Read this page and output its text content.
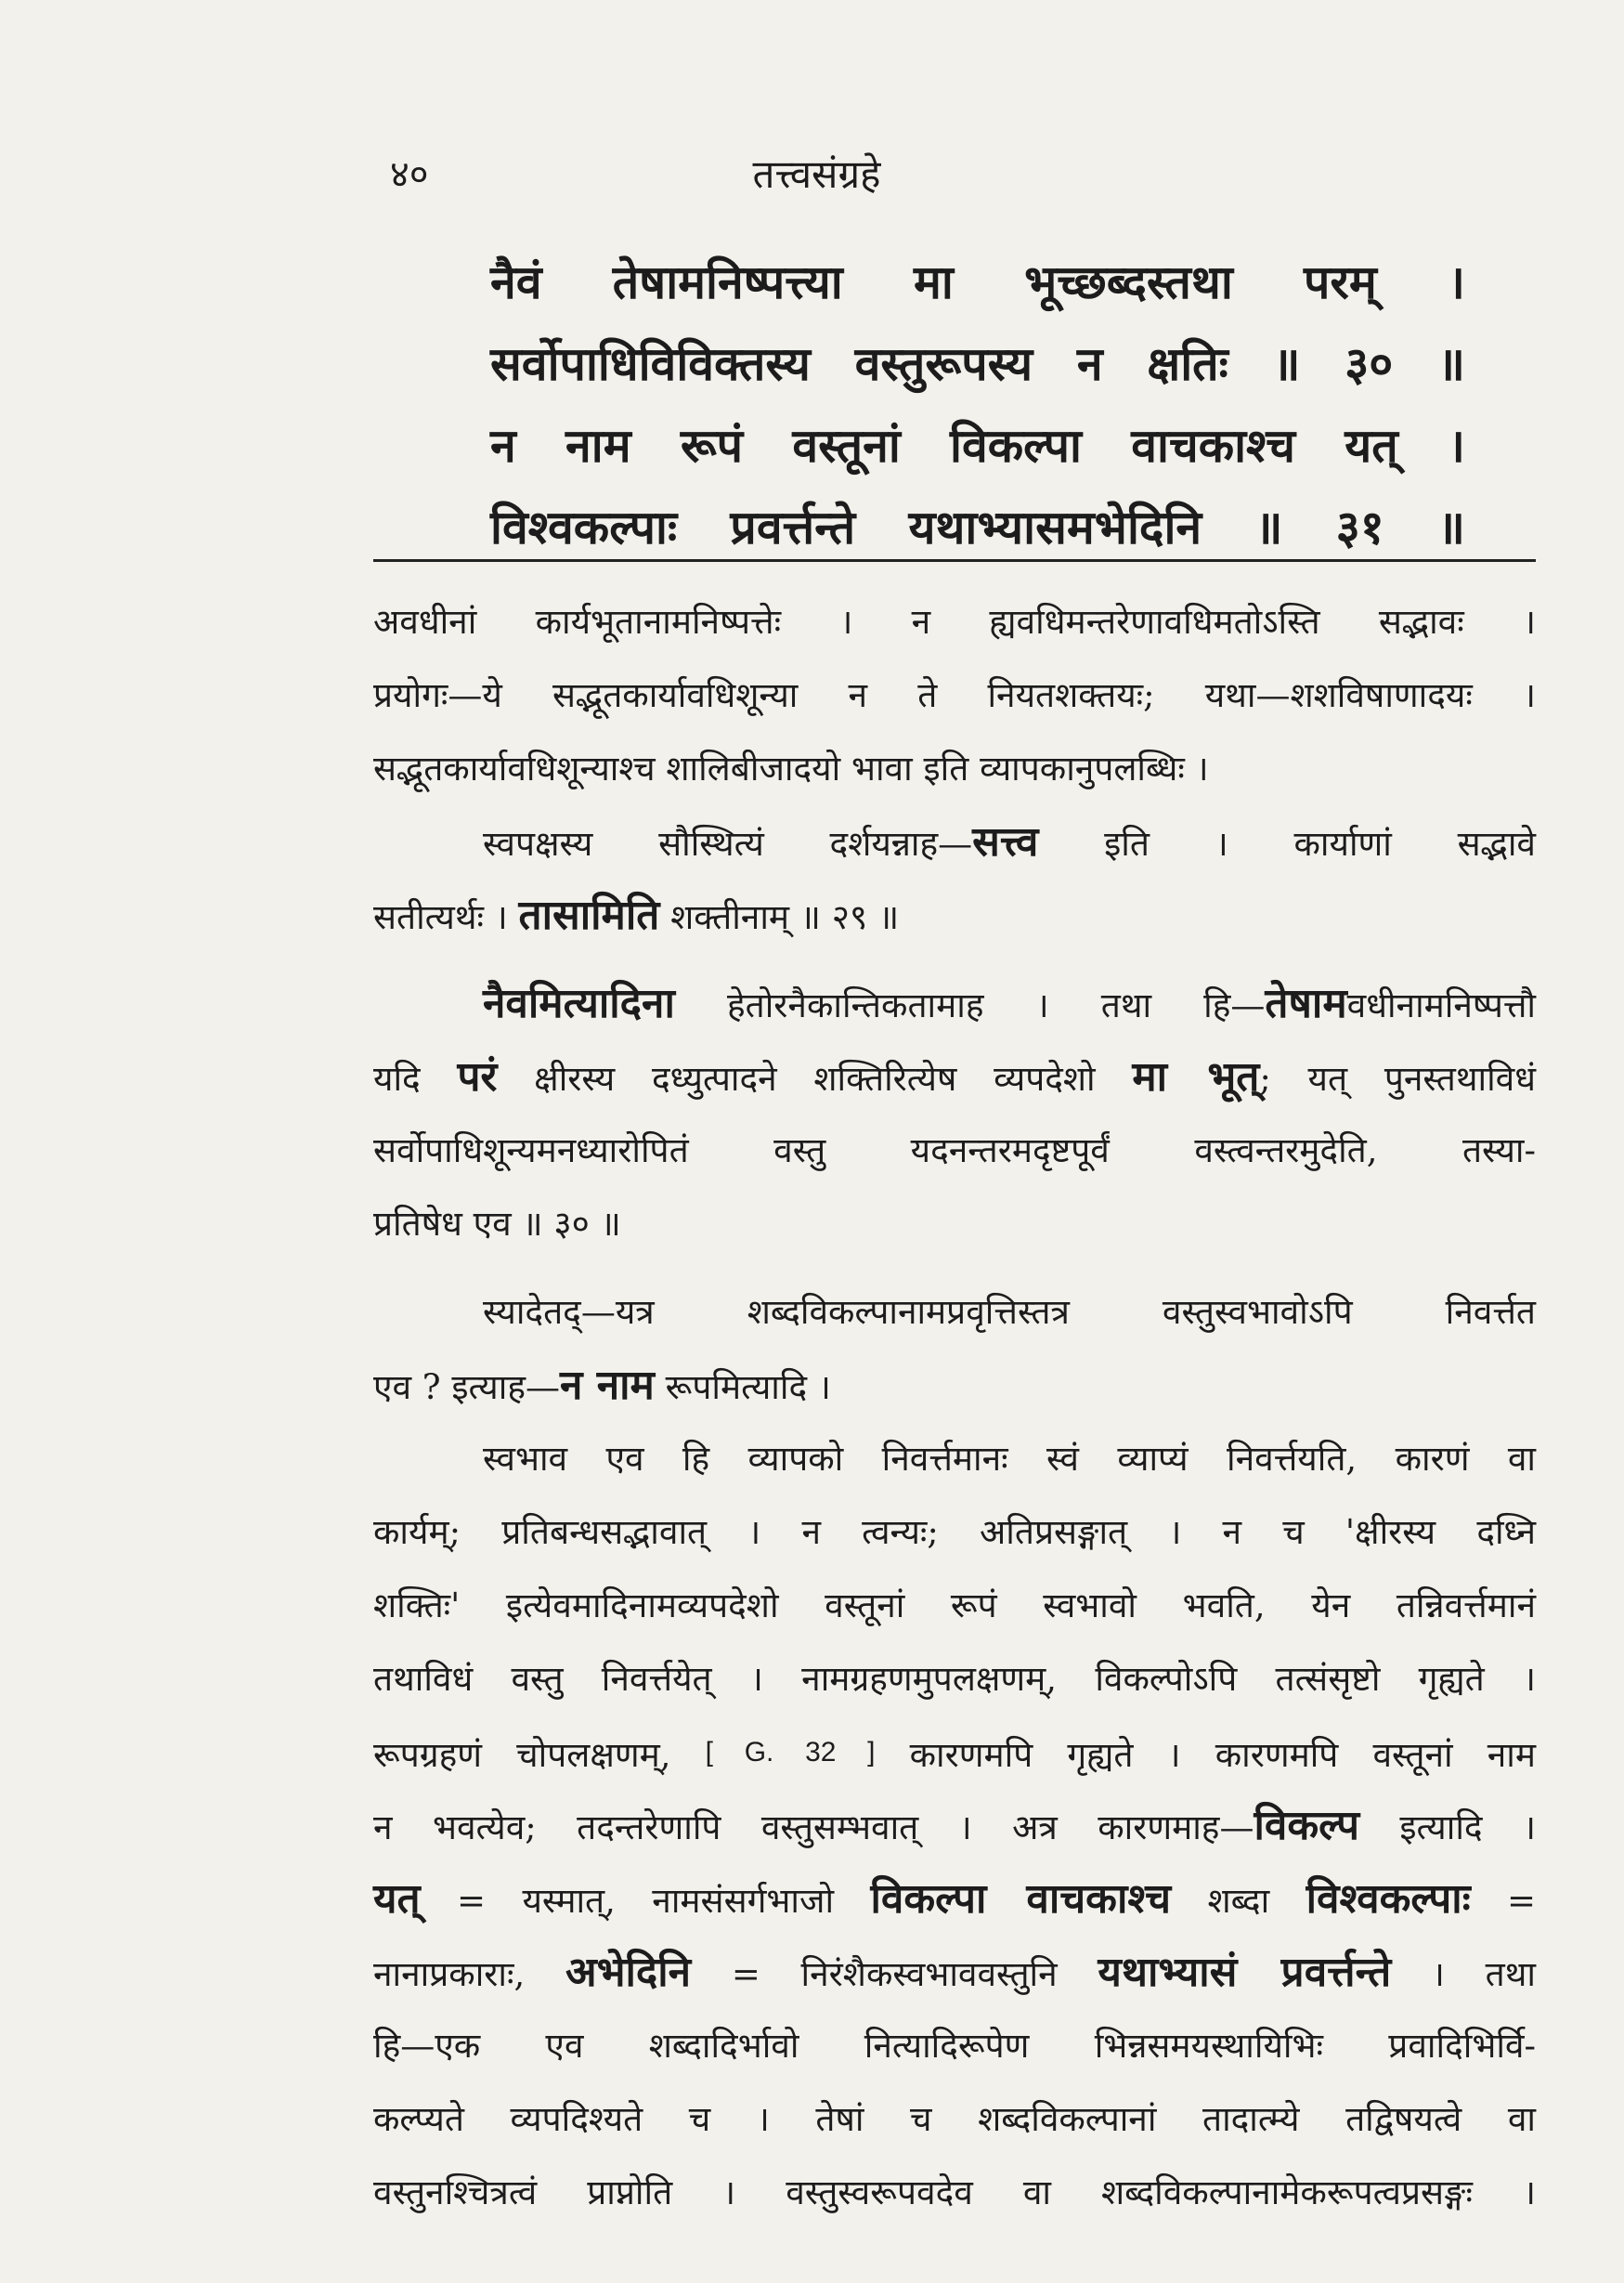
४०	तत्त्वसंग्रहे
नैवं तेषामनिष्पत्त्या मा भूच्छब्दस्तथा परम् ।
सर्वोपाधिविविक्तस्य वस्तुरूपस्य न क्षतिः ॥ ३० ॥
न नाम रूपं वस्तूनां विकल्पा वाचकाश्च यत् ।
विश्वकल्पाः प्रवर्त्तन्ते यथाभ्यासमभेदिनि ॥ ३१ ॥
अवधीनां कार्यभूतानामनिष्पत्तेः । न ह्यवधिमन्तरेणावधिमतोऽस्ति सद्भावः ।
प्रयोगः—ये सद्भूतकार्यावधिशून्या न ते नियतशक्तयः; यथा—शशविषाणादयः ।
सद्भूतकार्यावधिशून्याश्च शालिबीजादयो भावा इति व्यापकानुपलब्धिः ।
स्वपक्षस्य सौस्थित्यं दर्शयन्नाह—सत्त्व इति । कार्याणां सद्भावे
सतीत्यर्थः । तासामिति शक्तीनाम् ॥ २९ ॥
नैवमित्यादिना हेतोरनैकान्तिकतामाह । तथा हि—तेषामवधीनामनिष्पत्तौ
यदि परं क्षीरस्य दध्युत्पादने शक्तिरित्येष व्यपदेशो मा भूत्; यत् पुनस्तथाविधं
सर्वोपाधिशून्यमनध्यारोपितं वस्तु यदनन्तरमदृष्टपूर्वं वस्त्वन्तरमुदेति, तस्या-
प्रतिषेध एव ॥ ३० ॥
स्यादेतद्—यत्र शब्दविकल्पानामप्रवृत्तिस्तत्र वस्तुस्वभावोऽपि निवर्त्तत
एव ? इत्याह—न नाम रूपमित्यादि ।
स्वभाव एव हि व्यापको निवर्त्तमानः स्वं व्याप्यं निवर्त्तयति, कारणं वा
कार्यम्; प्रतिबन्धसद्भावात् । न त्वन्यः; अतिप्रसङ्गात् । न च 'क्षीरस्य दध्नि
शक्तिः' इत्येवमादिनामव्यपदेशो वस्तूनां रूपं स्वभावो भवति, येन तन्निवर्त्तमानं
तथाविधं वस्तु निवर्त्तयेत् । नामग्रहणमुपलक्षणम्, विकल्पोऽपि तत्संसृष्टो गृह्यते ।
रूपग्रहणं चोपलक्षणम्, [ G. 32 ] कारणमपि गृह्यते । कारणमपि वस्तूनां नाम
न भवत्येव; तदन्तरेणापि वस्तुसम्भवात् । अत्र कारणमाह—विकल्प इत्यादि ।
यत् = यस्मात्, नामसंसर्गभाजो विकल्पा वाचकाश्च शब्दा विश्वकल्पाः =
नानाप्रकाराः, अभेदिनि = निरंशैकस्वभाववस्तुनि यथाभ्यासं प्रवर्त्तन्ते । तथा
हि—एक एव शब्दादिर्भावो नित्यादिरूपेण भिन्नसमयस्थायिभिः प्रवादिभिर्वि-
कल्प्यते व्यपदिश्यते च । तेषां च शब्दविकल्पानां तादात्म्ये तद्विषयत्वे वा
वस्तुनश्चित्रत्वं प्राप्नोति । वस्तुस्वरूपवदेव वा शब्दविकल्पानामेकरूपत्वप्रसङ्गः ।
